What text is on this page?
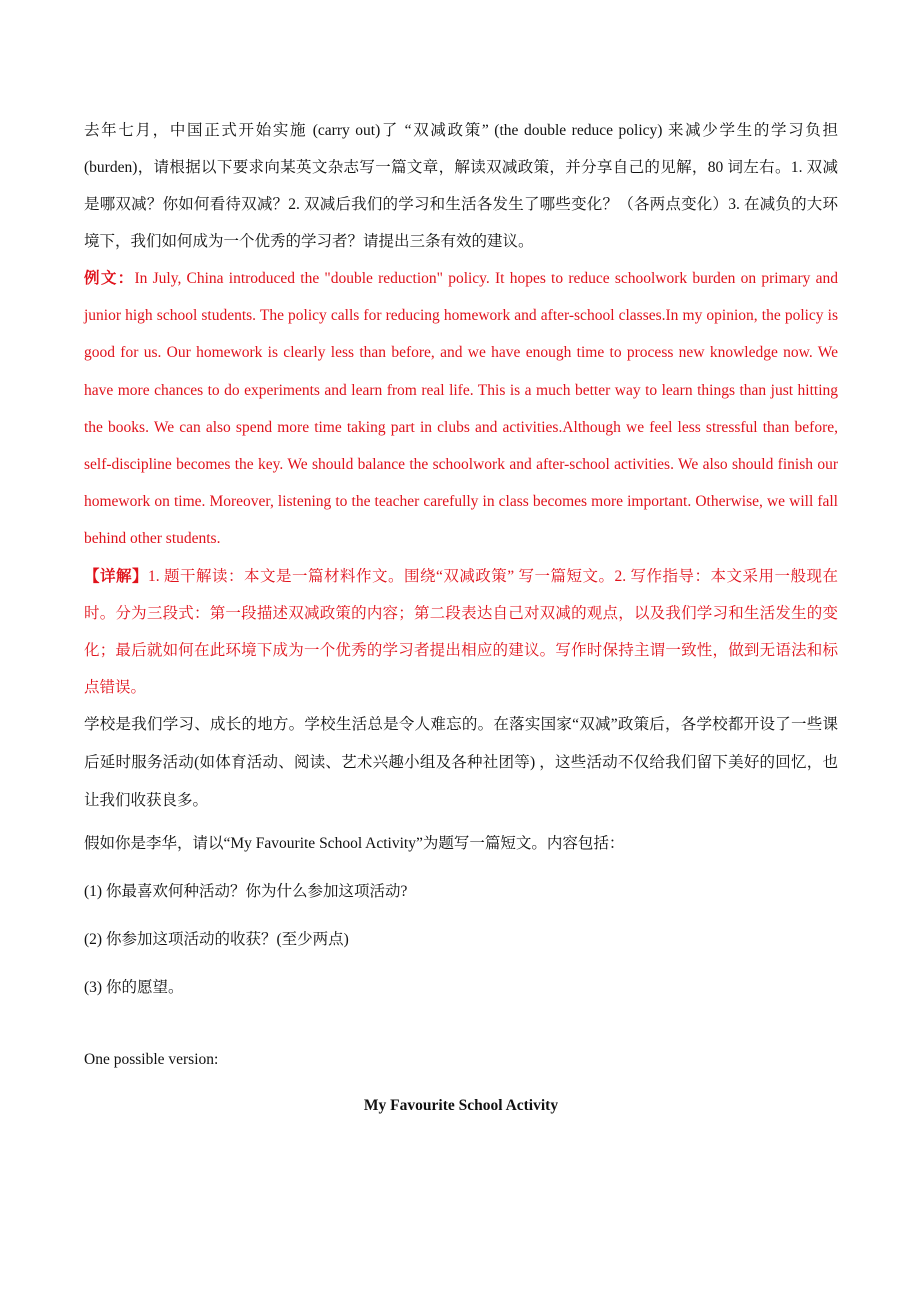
去年七月，中国正式开始实施 (carry out)了 “双减政策” (the double reduce policy) 来减少学生的学习负担(burden)，请根据以下要求向某英文杂志写一篇文章，解读双减政策，并分享自己的见解，80 词左右。1. 双减是哪双减？你如何看待双减？2. 双减后我们的学习和生活各发生了哪些变化？（各两点变化）3. 在减负的大环境下，我们如何成为一个优秀的学习者？请提出三条有效的建议。

例文：In July, China introduced the "double reduction" policy. It hopes to reduce schoolwork burden on primary and junior high school students. The policy calls for reducing homework and after-school classes.In my opinion, the policy is good for us. Our homework is clearly less than before, and we have enough time to process new knowledge now. We have more chances to do experiments and learn from real life. This is a much better way to learn things than just hitting the books. We can also spend more time taking part in clubs and activities.Although we feel less stressful than before, self-discipline becomes the key. We should balance the schoolwork and after-school activities. We also should finish our homework on time. Moreover, listening to the teacher carefully in class becomes more important. Otherwise, we will fall behind other students.

【详解】1. 题干解读：本文是一篇材料作文。围绕“双减政策” 写一篇短文。2. 写作指导：本文采用一般现在时。分为三段式：第一段描述双减政策的内容；第二段表达自己对双减的观点，以及我们学习和生活发生的变化；最后就如何在此环境下成为一个优秀的学习者提出相应的建议。写作时保持主谓一致性，做到无语法和标点错误。

学校是我们学习、成长的地方。学校生活总是令人难忘的。在落实国家“双减”政策后，各学校都开设了一些课后延时服务活动(如体育活动、阅读、艺术兴趣小组及各种社团等) ，这些活动不仅给我们留下美好的回忆，也让我们收获良多。

假如你是李华，请以“My Favourite School Activity”为题写一篇短文。内容包括：

(1) 你最喜欢何种活动？你为什么参加这项活动?

(2) 你参加这项活动的收获？(至少两点)

(3) 你的愿望。

One possible version:

My Favourite School Activity
